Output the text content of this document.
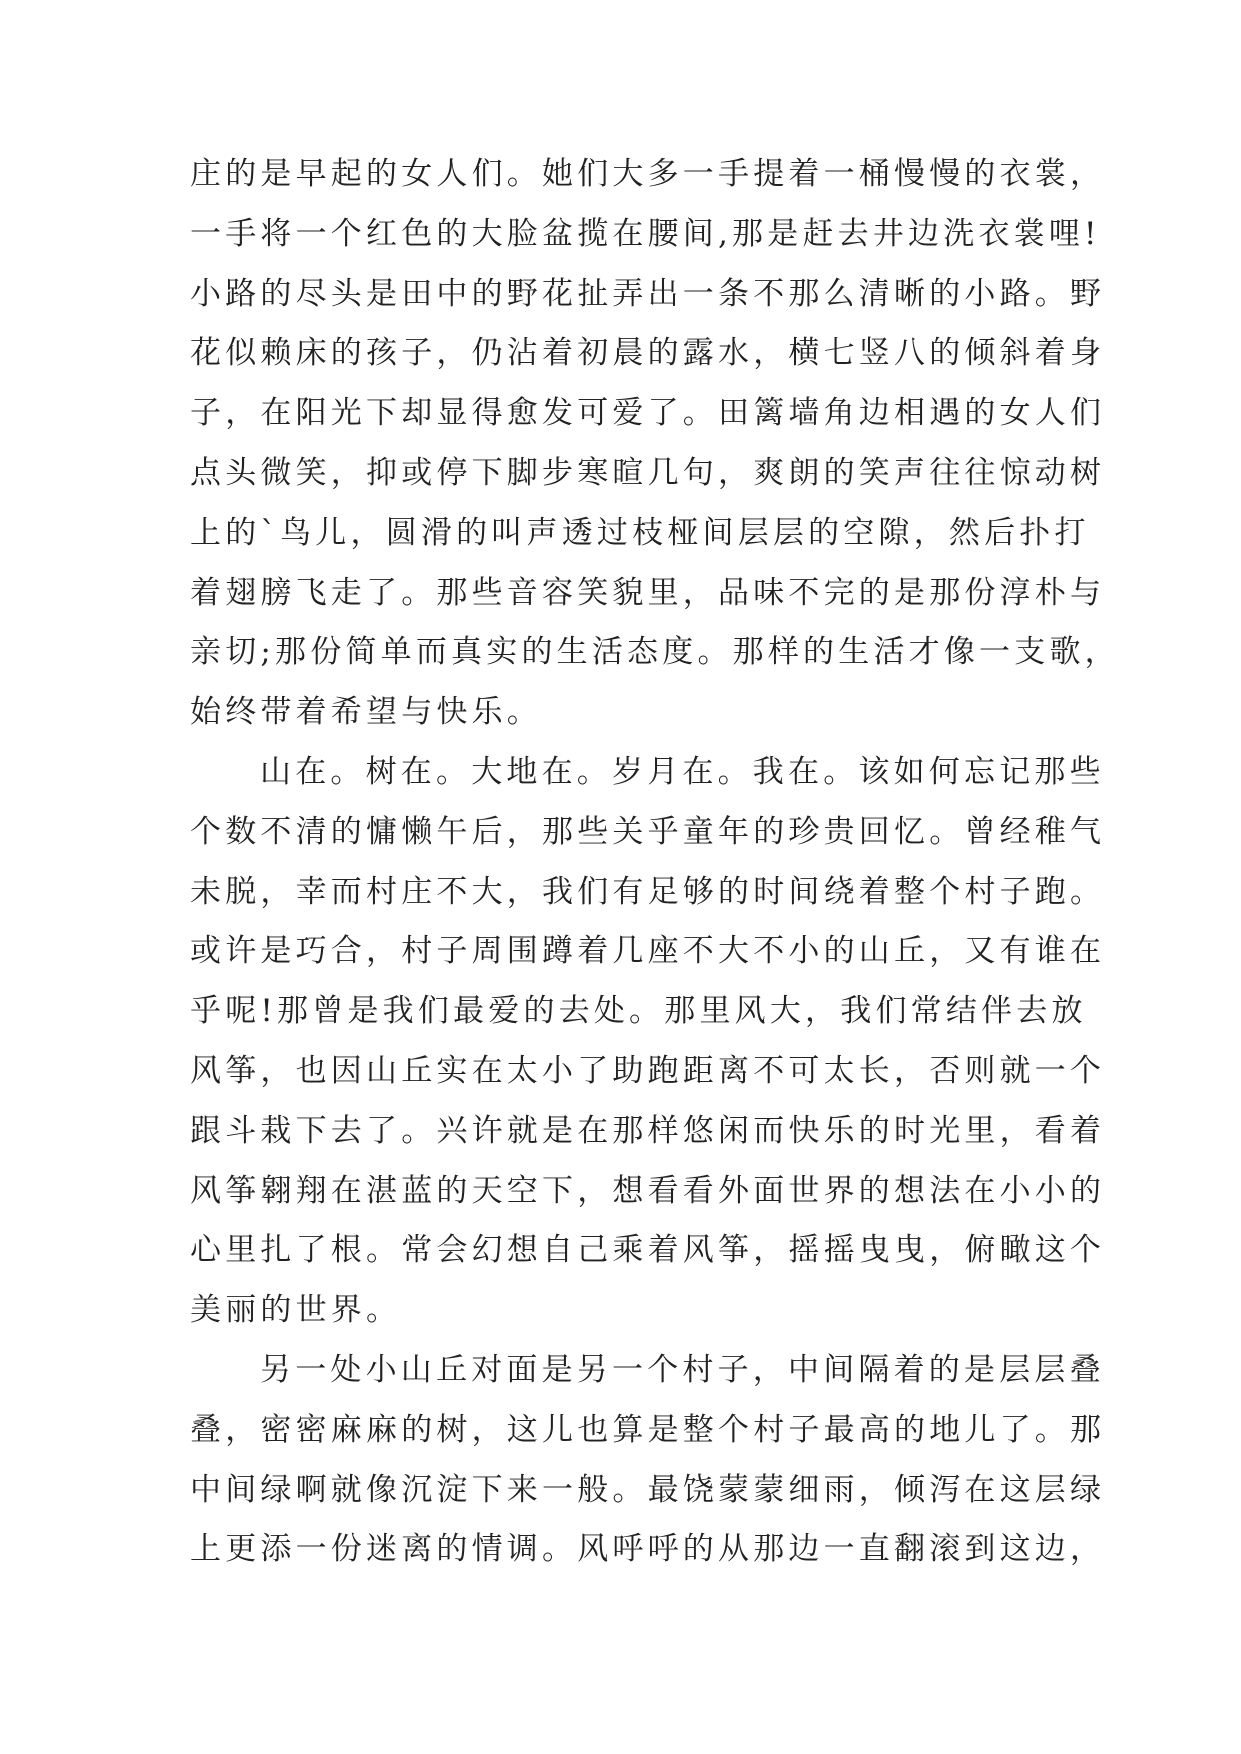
庄的是早起的女人们。她们大多一手提着一桶慢慢的衣裳，
一手将一个红色的大脸盆揽在腰间,那是赶去井边洗衣裳哩!
小路的尽头是田中的野花扯弄出一条不那么清晰的小路。野
花似赖床的孩子，仍沾着初晨的露水，横七竖八的倾斜着身
子，在阳光下却显得愈发可爱了。田篱墙角边相遇的女人们
点头微笑，抑或停下脚步寒暄几句，爽朗的笑声往往惊动树
上的`鸟儿，圆滑的叫声透过枝桠间层层的空隙，然后扑打
着翅膀飞走了。那些音容笑貌里，品味不完的是那份淳朴与
亲切;那份简单而真实的生活态度。那样的生活才像一支歌，
始终带着希望与快乐。
山在。树在。大地在。岁月在。我在。该如何忘记那些
个数不清的慵懒午后，那些关乎童年的珍贵回忆。曾经稚气
未脱，幸而村庄不大，我们有足够的时间绕着整个村子跑。
或许是巧合，村子周围蹲着几座不大不小的山丘，又有谁在
乎呢!那曾是我们最爱的去处。那里风大，我们常结伴去放
风筝，也因山丘实在太小了助跑距离不可太长，否则就一个
跟斗栽下去了。兴许就是在那样悠闲而快乐的时光里，看着
风筝翱翔在湛蓝的天空下，想看看外面世界的想法在小小的
心里扎了根。常会幻想自己乘着风筝，摇摇曳曳，俯瞰这个
美丽的世界。
另一处小山丘对面是另一个村子，中间隔着的是层层叠
叠，密密麻麻的树，这儿也算是整个村子最高的地儿了。那
中间绿啊就像沉淀下来一般。最饶蒙蒙细雨，倾泻在这层绿
上更添一份迷离的情调。风呼呼的从那边一直翻滚到这边，
